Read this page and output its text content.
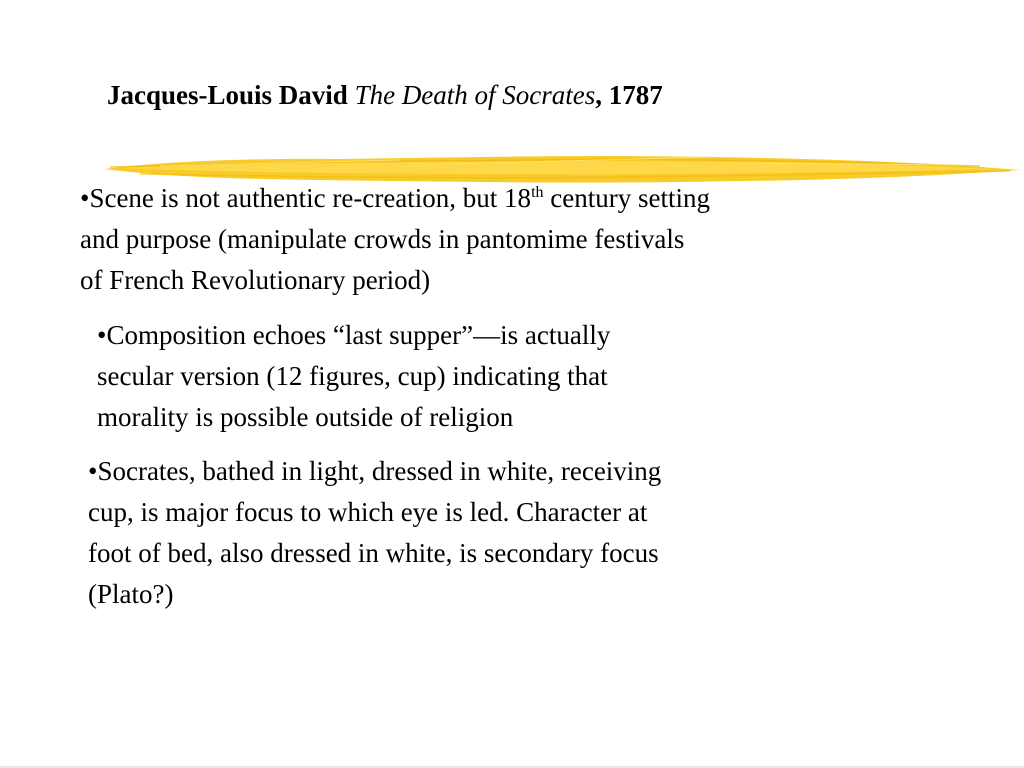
Jacques-Louis David The Death of Socrates, 1787
•Scene is not authentic re-creation, but 18th century setting
and purpose (manipulate crowds in pantomime festivals
of French Revolutionary period)
•Composition echoes “last supper”—is actually
secular version (12 figures, cup) indicating that
morality is possible outside of religion
•Socrates, bathed in light, dressed in white, receiving
cup, is major focus to which eye is led. Character at
foot of bed, also dressed in white, is secondary focus
(Plato?)
